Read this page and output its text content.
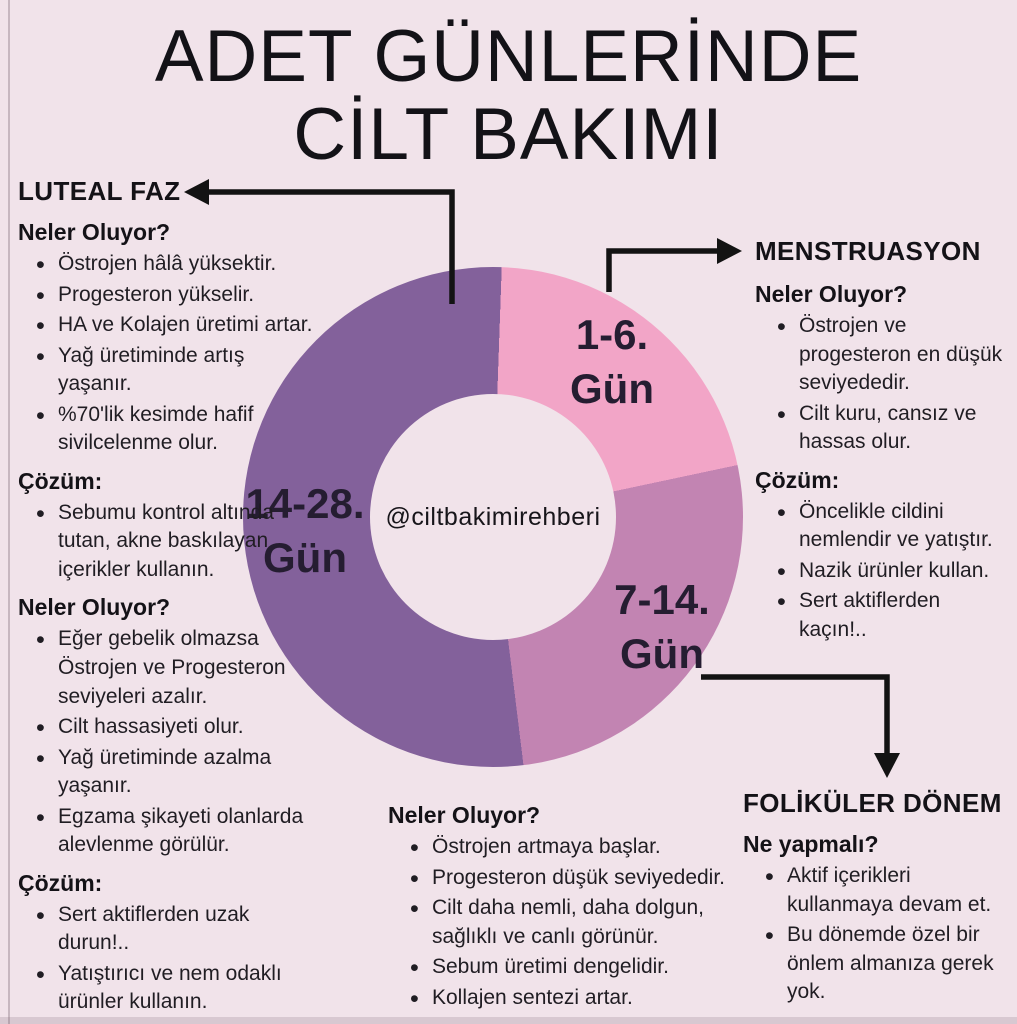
ADET GÜNLERİNDE
CİLT BAKIMI
@ciltbakimirehberi
1-6.
Gün
14-28.
Gün
7-14.
Gün
LUTEAL FAZ
Neler Oluyor?
• Östrojen hâlâ yüksektir.
• Progesteron yükselir.
• HA ve Kolajen üretimi artar.
• Yağ üretiminde artış yaşanır.
• %70'lik kesimde hafif sivilcelenme olur.
Çözüm:
• Sebumu kontrol altında tutan, akne baskılayan içerikler kullanın.
Neler Oluyor?
• Eğer gebelik olmazsa Östrojen ve Progesteron seviyeleri azalır.
• Cilt hassasiyeti olur.
• Yağ üretiminde azalma yaşanır.
• Egzama şikayeti olanlarda alevlenme görülür.
Çözüm:
• Sert aktiflerden uzak durun!..
• Yatıştırıcı ve nem odaklı ürünler kullanın.
MENSTRUASYON
Neler Oluyor?
• Östrojen ve progesteron en düşük seviyededir.
• Cilt kuru, cansız ve hassas olur.
Çözüm:
• Öncelikle cildini nemlendir ve yatıştır.
• Nazik ürünler kullan.
• Sert aktiflerden kaçın!..
FOLİKÜLER DÖNEM
Ne yapmalı?
• Aktif içerikleri kullanmaya devam et.
• Bu dönemde özel bir önlem almanıza gerek yok.
Neler Oluyor?
• Östrojen artmaya başlar.
• Progesteron düşük seviyededir.
• Cilt daha nemli, daha dolgun, sağlıklı ve canlı görünür.
• Sebum üretimi dengelidir.
• Kollajen sentezi artar.
